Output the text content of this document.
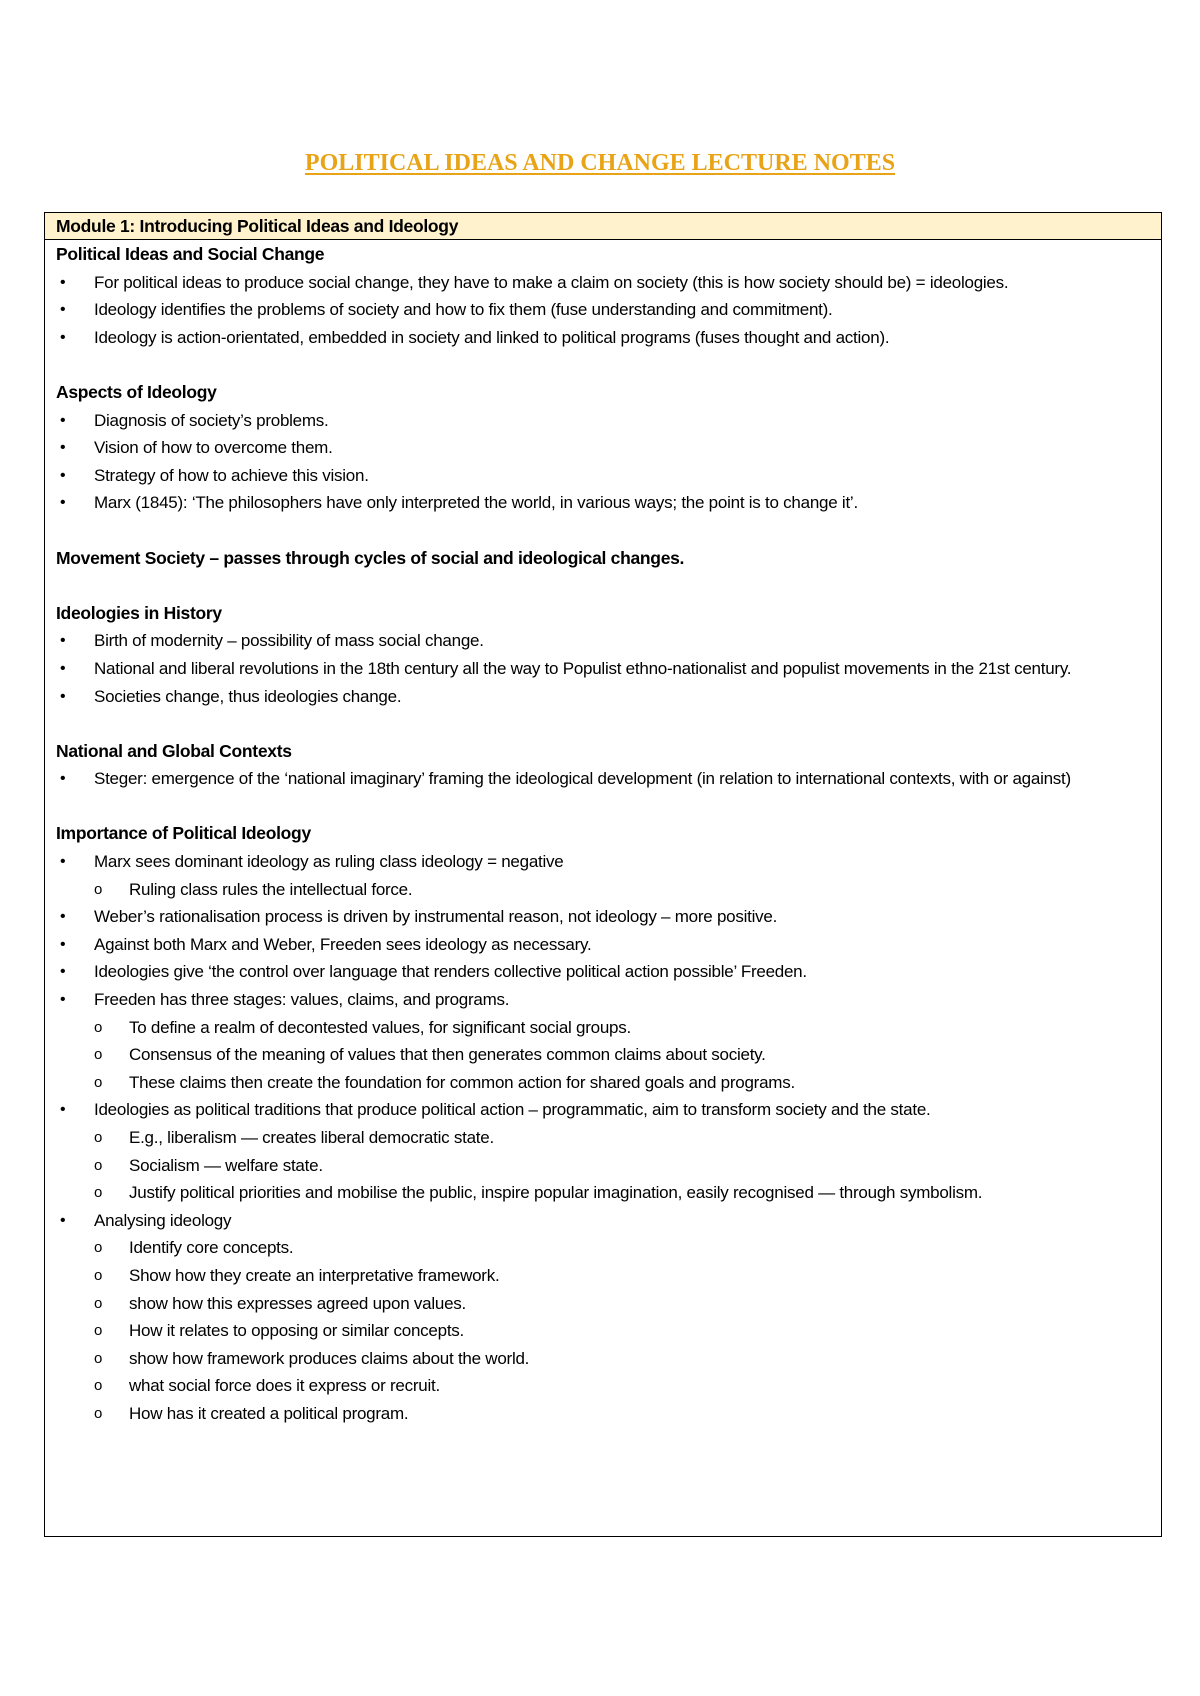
POLITICAL IDEAS AND CHANGE LECTURE NOTES
Module 1: Introducing Political Ideas and Ideology

Political Ideas and Social Change

• For political ideas to produce social change, they have to make a claim on society (this is how society should be) = ideologies.
• Ideology identifies the problems of society and how to fix them (fuse understanding and commitment).
• Ideology is action-orientated, embedded in society and linked to political programs (fuses thought and action).

Aspects of Ideology

• Diagnosis of society’s problems.
• Vision of how to overcome them.
• Strategy of how to achieve this vision.
• Marx (1845): ‘The philosophers have only interpreted the world, in various ways; the point is to change it’.

Movement Society – passes through cycles of social and ideological changes.

Ideologies in History

• Birth of modernity – possibility of mass social change.
• National and liberal revolutions in the 18th century all the way to Populist ethno-nationalist and populist movements in the 21st century.
• Societies change, thus ideologies change.

National and Global Contexts

• Steger: emergence of the ‘national imaginary’ framing the ideological development (in relation to international contexts, with or against)

Importance of Political Ideology

• Marx sees dominant ideology as ruling class ideology = negative
o Ruling class rules the intellectual force.
• Weber’s rationalisation process is driven by instrumental reason, not ideology – more positive.
• Against both Marx and Weber, Freeden sees ideology as necessary.
• Ideologies give ‘the control over language that renders collective political action possible’ Freeden.
• Freeden has three stages: values, claims, and programs.
o To define a realm of decontested values, for significant social groups.
o Consensus of the meaning of values that then generates common claims about society.
o These claims then create the foundation for common action for shared goals and programs.
• Ideologies as political traditions that produce political action – programmatic, aim to transform society and the state.
o E.g., liberalism — creates liberal democratic state.
o Socialism — welfare state.
o Justify political priorities and mobilise the public, inspire popular imagination, easily recognised — through symbolism.
• Analysing ideology
o Identify core concepts.
o Show how they create an interpretative framework.
o show how this expresses agreed upon values.
o How it relates to opposing or similar concepts.
o show how framework produces claims about the world.
o what social force does it express or recruit.
o How has it created a political program.
